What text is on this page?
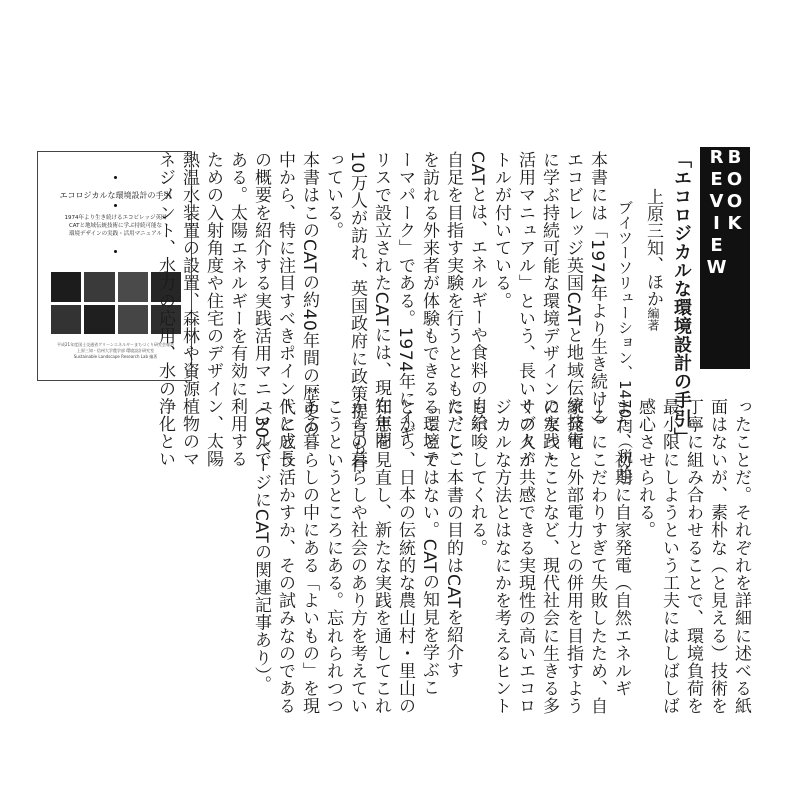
BOOK REVIEW
「エコロジカルな環境設計の手引」
上原三知、ほか編著
ブイツーソリューション、1470円（税込）
エコロジカルな環境設計の手引
1974年より生き続けるエコビレッジ英国
CATと地域伝統技術に学ぶ持続可能な
環境デザインの実践・活用マニュアル
平成21年度国土交通省グリーンエネルギーまちづくり研究会報告
上原三知・信州大学農学部 環境設計研究室
Sustainable Landscape Research Lab 編著	本書には「1974年より生き続ける
エコビレッジ英国CATと地域伝統技術
に学ぶ持続可能な環境デザインの実践・
活用マニュアル」という、長いサブタイ
トルが付いている。
CATとは、エネルギーや食料の自給
自足を目指す実験を行うとともに、ここ
を訪れる外来者が体験もできる「環境テ
ーマパーク」である。1974年にイギ
リスで設立されたCATには、現在年間
10万人が訪れ、英国政府に政策提言も行
っている。
本書はこのCATの約40年間の歴史の
中から、特に注目すべきポイントと成長
の概要を紹介する実践活用マニュアルで
ある。太陽エネルギーを有効に利用する
ための入射角度や住宅のデザイン、太陽
熱温水装置の設置、森林や資源植物のマ
ネジメント、水力の応用、水の浄化とい
ったことだ。それぞれを詳細に述べる紙
面はないが、素朴な（と見える）技術を
丁寧に組み合わせることで、環境負荷を
最小限にしようという工夫にはしばしば
感心させられる。
また、初期に自家発電（自然エネルギ
ー）にこだわりすぎて失敗したため、自
家発電と外部電力との併用を目指すよう
になったことなど、現代社会に生きる多
くの人が共感できる実現性の高いエコロ
ジカルな方法とはなにかを考えるヒント
も示唆してくれる。
ただし、本書の目的はCATを紹介す
ることではない。CATの知見を学ぶこ
とから、日本の伝統的な農山村・里山の
知恵を見直し、新たな実践を通してこれ
からの暮らしや社会のあり方を考えてい
こうというところにある。忘れられつつ
ある暮らしの中にある「よいもの」を現
代にどう活かすか、その試みなのである
（30ページにCATの関連記事あり）。
